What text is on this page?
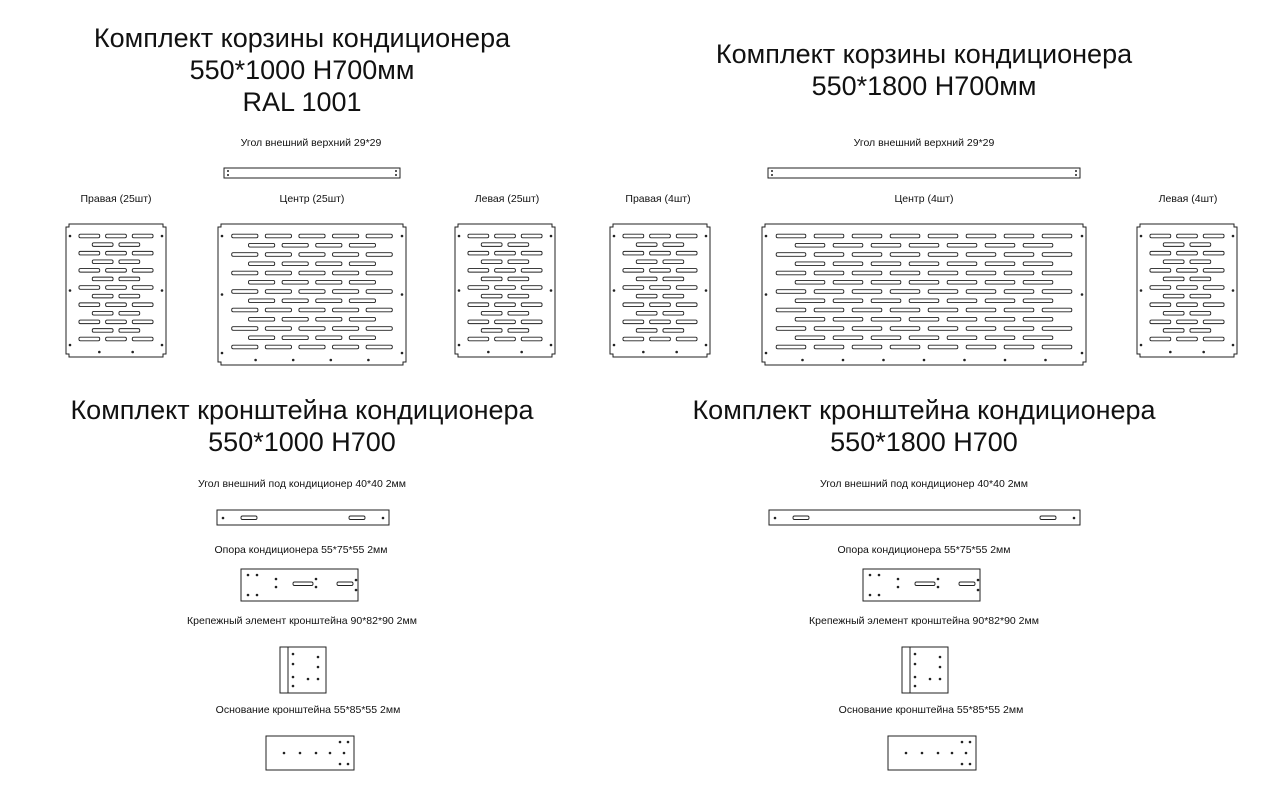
Комплект корзины кондиционера
550*1000 Н700мм
RAL 1001
Комплект корзины кондиционера
550*1800 Н700мм
Комплект кронштейна кондиционера
550*1000 Н700
Комплект кронштейна кондиционера
550*1800 Н700
Угол внешний верхний 29*29
Правая (25шт)	Центр (25шт)	Левая (25шт)
Угол внешний верхний 29*29
Правая (4шт)	Центр (4шт)	Левая (4шт)
Угол внешний под кондиционер 40*40 2мм
Опора кондиционера 55*75*55 2мм
Крепежный элемент кронштейна 90*82*90 2мм
Основание кронштейна 55*85*55 2мм
Угол внешний под кондиционер 40*40 2мм
Опора кондиционера 55*75*55 2мм
Крепежный элемент кронштейна 90*82*90 2мм
Основание кронштейна 55*85*55 2мм
